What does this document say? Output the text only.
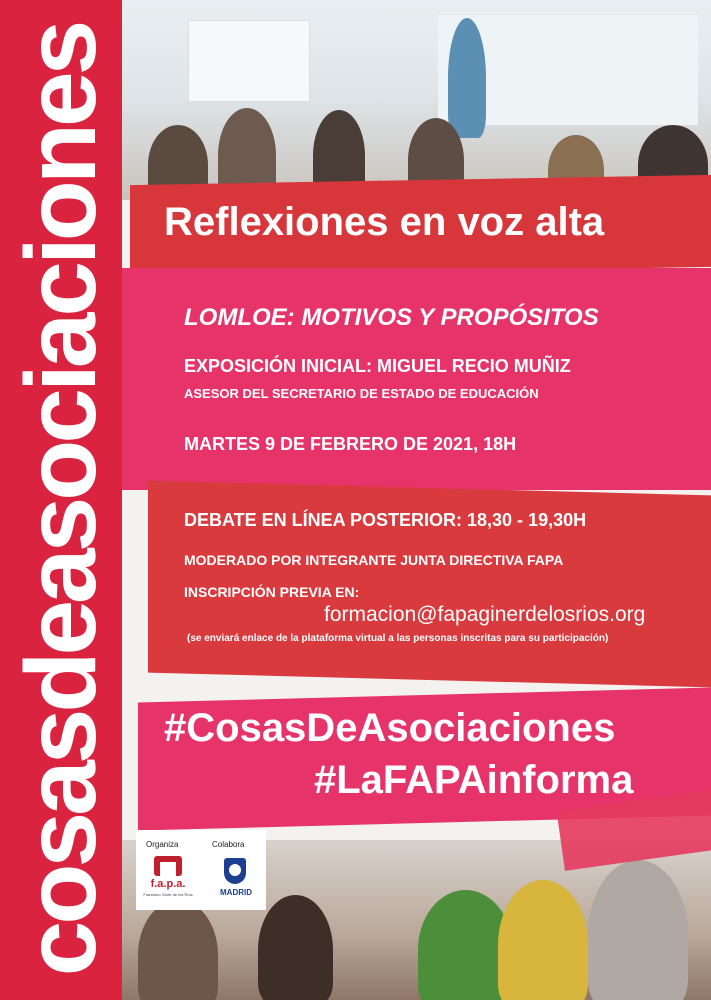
cosasdeasociaciones Reflexiones en voz alta
LOMLOE: MOTIVOS Y PROPÓSITOS
EXPOSICIÓN INICIAL: MIGUEL RECIO MUÑIZ
ASESOR DEL SECRETARIO DE ESTADO DE EDUCACIÓN
MARTES 9 DE FEBRERO DE 2021, 18H
DEBATE EN LÍNEA POSTERIOR: 18,30 - 19,30H
MODERADO POR INTEGRANTE JUNTA DIRECTIVA FAPA
INSCRIPCIÓN PREVIA EN:
formacion@fapaginerdelosrios.org
(se enviará enlace de la plataforma virtual a las personas inscritas para su participación)
#CosasDeAsociaciones
#LaFAPAinforma
Organiza	Colabora
f.a.p.a.
Francisco Giner de los Ríos	MADRID
